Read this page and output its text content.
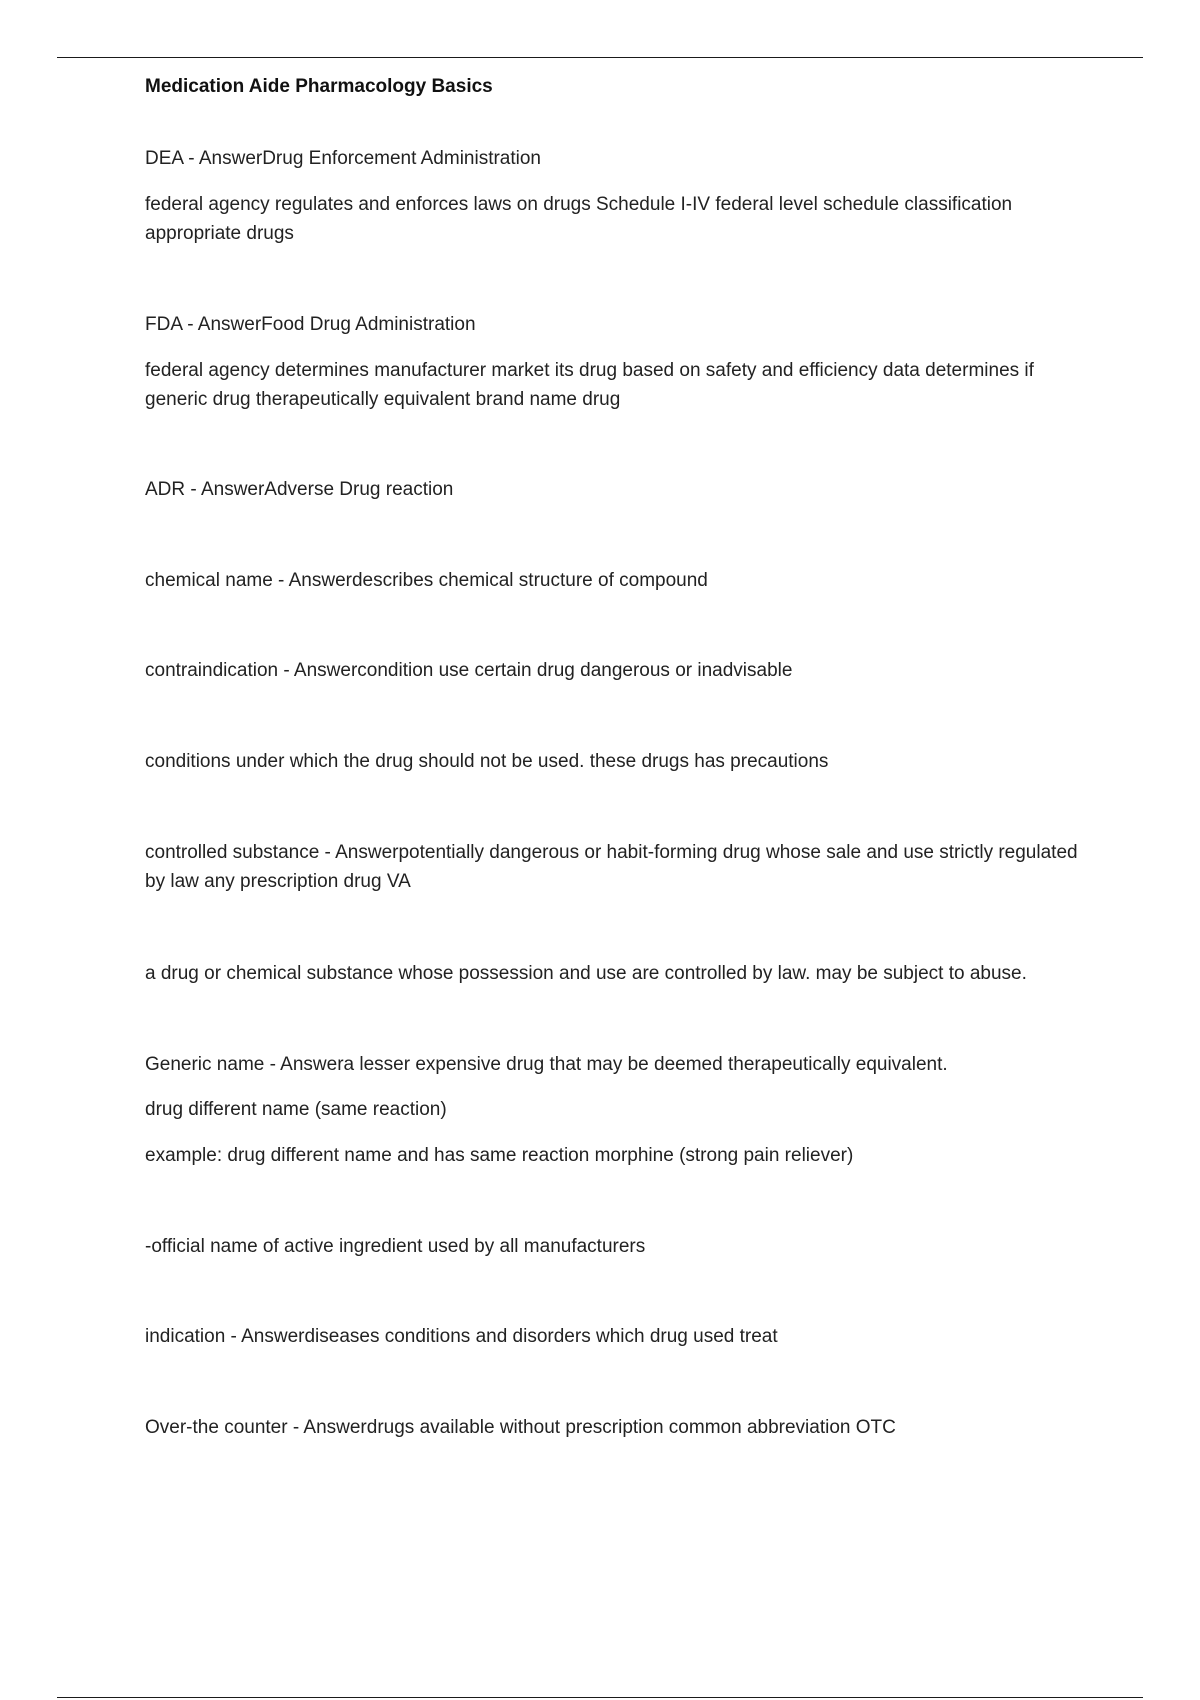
Medication Aide Pharmacology Basics
DEA - AnswerDrug Enforcement Administration
federal agency regulates and enforces laws on drugs Schedule I-IV federal level schedule classification appropriate drugs
FDA - AnswerFood Drug Administration
federal agency determines manufacturer market its drug based on safety and efficiency data determines if generic drug therapeutically equivalent brand name drug
ADR - AnswerAdverse Drug reaction
chemical name - Answerdescribes chemical structure of compound
contraindication - Answercondition use certain drug dangerous or inadvisable
conditions under which the drug should not be used. these drugs has precautions
controlled substance - Answerpotentially dangerous or habit-forming drug whose sale and use strictly regulated by law any prescription drug VA
a drug or chemical substance whose possession and use are controlled by law. may be subject to abuse.
Generic name - Answera lesser expensive drug that may be deemed therapeutically equivalent.
drug different name (same reaction)
example: drug different name and has same reaction morphine (strong pain reliever)
-official name of active ingredient used by all manufacturers
indication - Answerdiseases conditions and disorders which drug used treat
Over-the counter - Answerdrugs available without prescription common abbreviation OTC
